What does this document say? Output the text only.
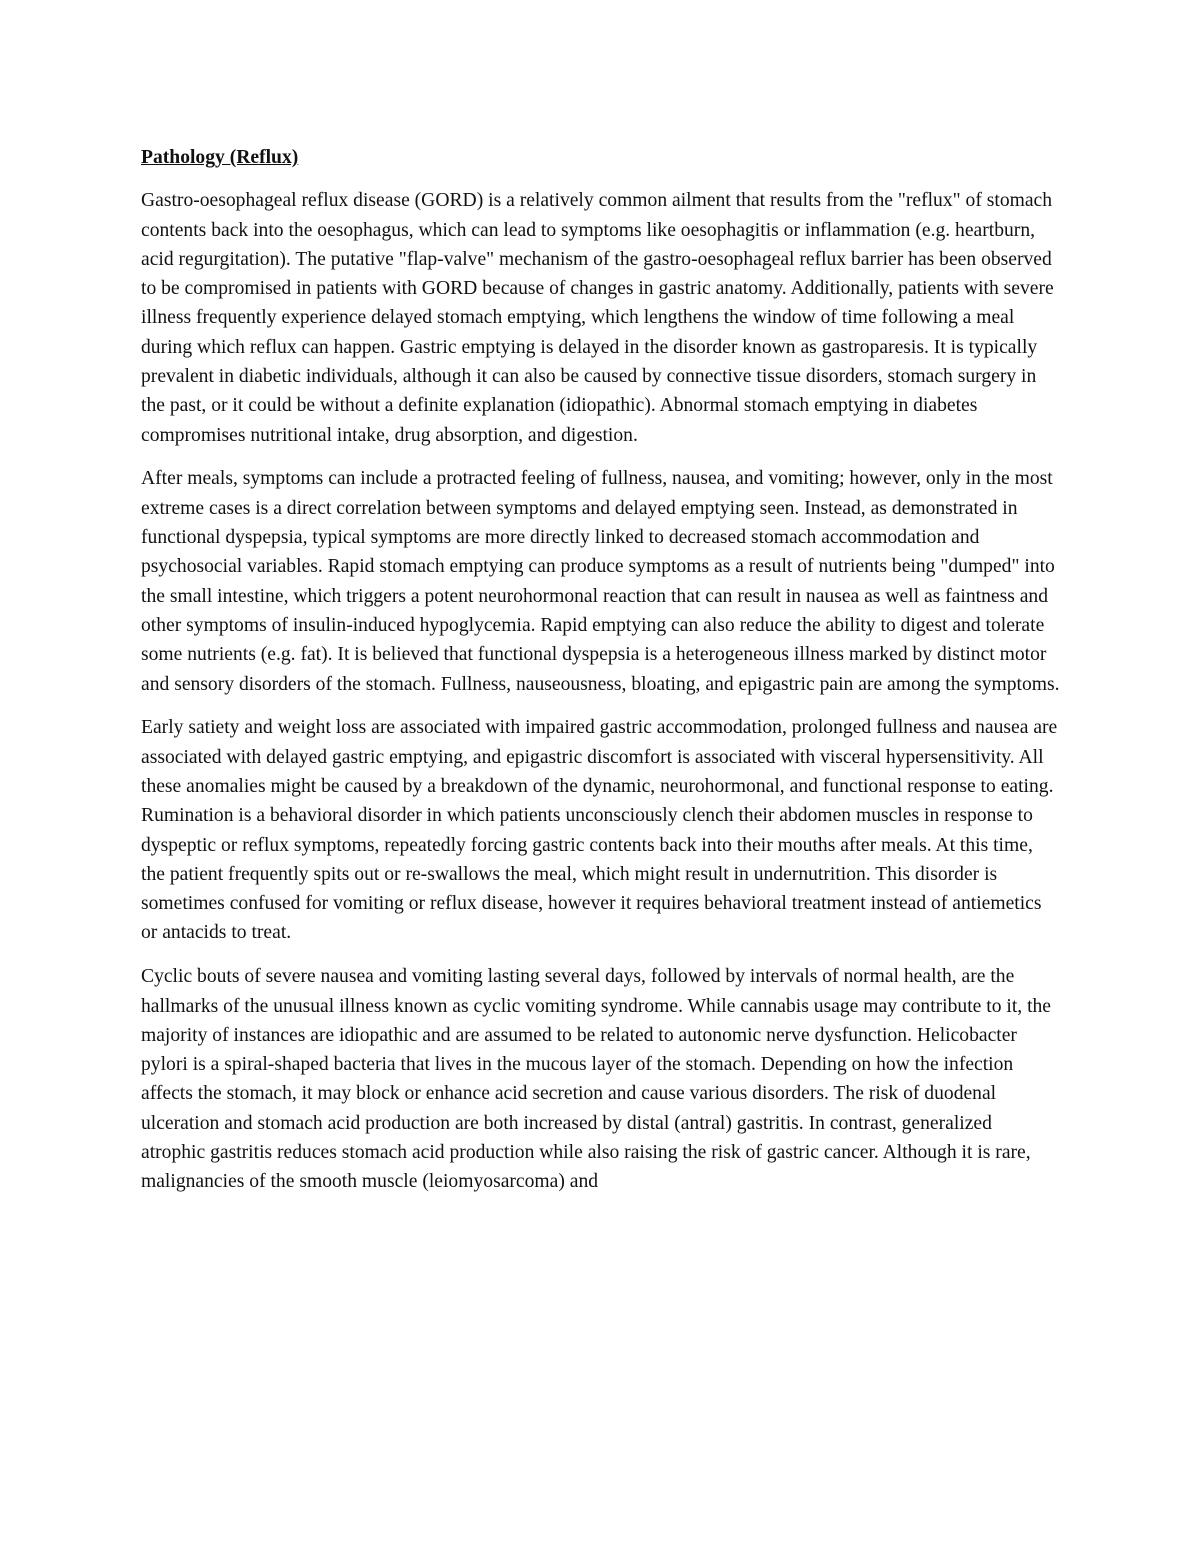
Pathology (Reflux)

Gastro-oesophageal reflux disease (GORD) is a relatively common ailment that results from the "reflux" of stomach contents back into the oesophagus, which can lead to symptoms like oesophagitis or inflammation (e.g. heartburn, acid regurgitation). The putative "flap-valve" mechanism of the gastro-oesophageal reflux barrier has been observed to be compromised in patients with GORD because of changes in gastric anatomy. Additionally, patients with severe illness frequently experience delayed stomach emptying, which lengthens the window of time following a meal during which reflux can happen. Gastric emptying is delayed in the disorder known as gastroparesis. It is typically prevalent in diabetic individuals, although it can also be caused by connective tissue disorders, stomach surgery in the past, or it could be without a definite explanation (idiopathic). Abnormal stomach emptying in diabetes compromises nutritional intake, drug absorption, and digestion.

After meals, symptoms can include a protracted feeling of fullness, nausea, and vomiting; however, only in the most extreme cases is a direct correlation between symptoms and delayed emptying seen. Instead, as demonstrated in functional dyspepsia, typical symptoms are more directly linked to decreased stomach accommodation and psychosocial variables. Rapid stomach emptying can produce symptoms as a result of nutrients being "dumped" into the small intestine, which triggers a potent neurohormonal reaction that can result in nausea as well as faintness and other symptoms of insulin-induced hypoglycemia. Rapid emptying can also reduce the ability to digest and tolerate some nutrients (e.g. fat). It is believed that functional dyspepsia is a heterogeneous illness marked by distinct motor and sensory disorders of the stomach. Fullness, nauseousness, bloating, and epigastric pain are among the symptoms.

Early satiety and weight loss are associated with impaired gastric accommodation, prolonged fullness and nausea are associated with delayed gastric emptying, and epigastric discomfort is associated with visceral hypersensitivity. All these anomalies might be caused by a breakdown of the dynamic, neurohormonal, and functional response to eating. Rumination is a behavioral disorder in which patients unconsciously clench their abdomen muscles in response to dyspeptic or reflux symptoms, repeatedly forcing gastric contents back into their mouths after meals. At this time, the patient frequently spits out or re-swallows the meal, which might result in undernutrition. This disorder is sometimes confused for vomiting or reflux disease, however it requires behavioral treatment instead of antiemetics or antacids to treat.

Cyclic bouts of severe nausea and vomiting lasting several days, followed by intervals of normal health, are the hallmarks of the unusual illness known as cyclic vomiting syndrome. While cannabis usage may contribute to it, the majority of instances are idiopathic and are assumed to be related to autonomic nerve dysfunction. Helicobacter pylori is a spiral-shaped bacteria that lives in the mucous layer of the stomach. Depending on how the infection affects the stomach, it may block or enhance acid secretion and cause various disorders. The risk of duodenal ulceration and stomach acid production are both increased by distal (antral) gastritis. In contrast, generalized atrophic gastritis reduces stomach acid production while also raising the risk of gastric cancer. Although it is rare, malignancies of the smooth muscle (leiomyosarcoma) and
